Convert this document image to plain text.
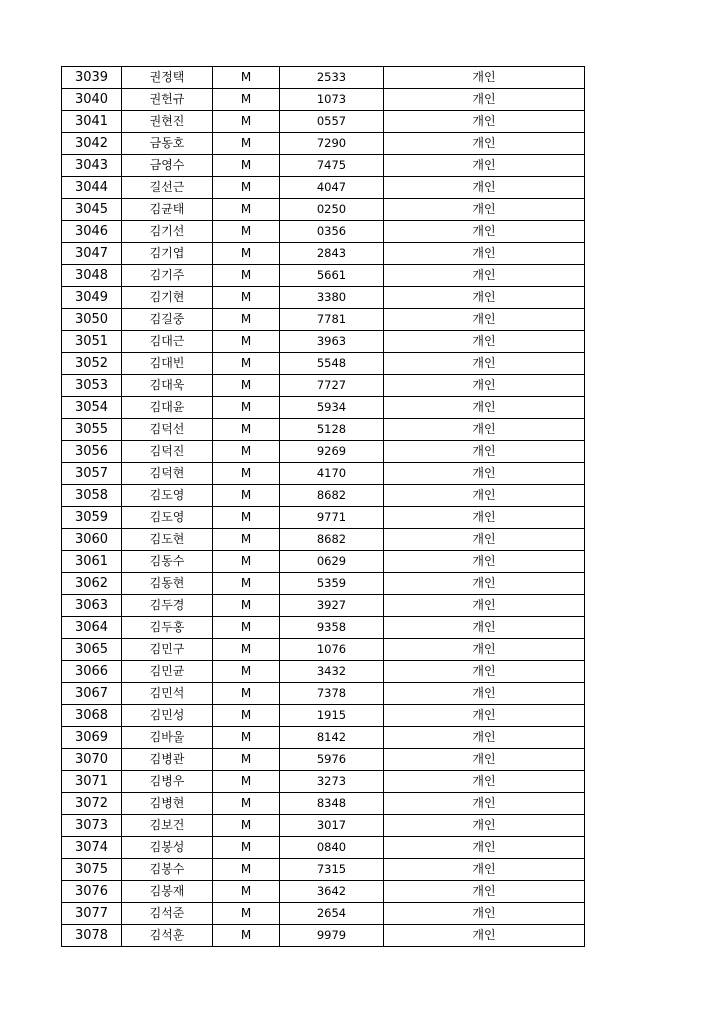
3039	권정택	M	2533	개인
3040	권헌규	M	1073	개인
3041	권현진	M	0557	개인
3042	금동호	M	7290	개인
3043	금영수	M	7475	개인
3044	길선근	M	4047	개인
3045	김균태	M	0250	개인
3046	김기선	M	0356	개인
3047	김기엽	M	2843	개인
3048	김기주	M	5661	개인
3049	김기현	M	3380	개인
3050	김길중	M	7781	개인
3051	김대근	M	3963	개인
3052	김대빈	M	5548	개인
3053	김대욱	M	7727	개인
3054	김대윤	M	5934	개인
3055	김덕선	M	5128	개인
3056	김덕진	M	9269	개인
3057	김덕현	M	4170	개인
3058	김도영	M	8682	개인
3059	김도영	M	9771	개인
3060	김도현	M	8682	개인
3061	김동수	M	0629	개인
3062	김동현	M	5359	개인
3063	김두경	M	3927	개인
3064	김두홍	M	9358	개인
3065	김민구	M	1076	개인
3066	김민균	M	3432	개인
3067	김민석	M	7378	개인
3068	김민성	M	1915	개인
3069	김바울	M	8142	개인
3070	김병관	M	5976	개인
3071	김병우	M	3273	개인
3072	김병현	M	8348	개인
3073	김보건	M	3017	개인
3074	김봉성	M	0840	개인
3075	김봉수	M	7315	개인
3076	김봉재	M	3642	개인
3077	김석준	M	2654	개인
3078	김석훈	M	9979	개인
